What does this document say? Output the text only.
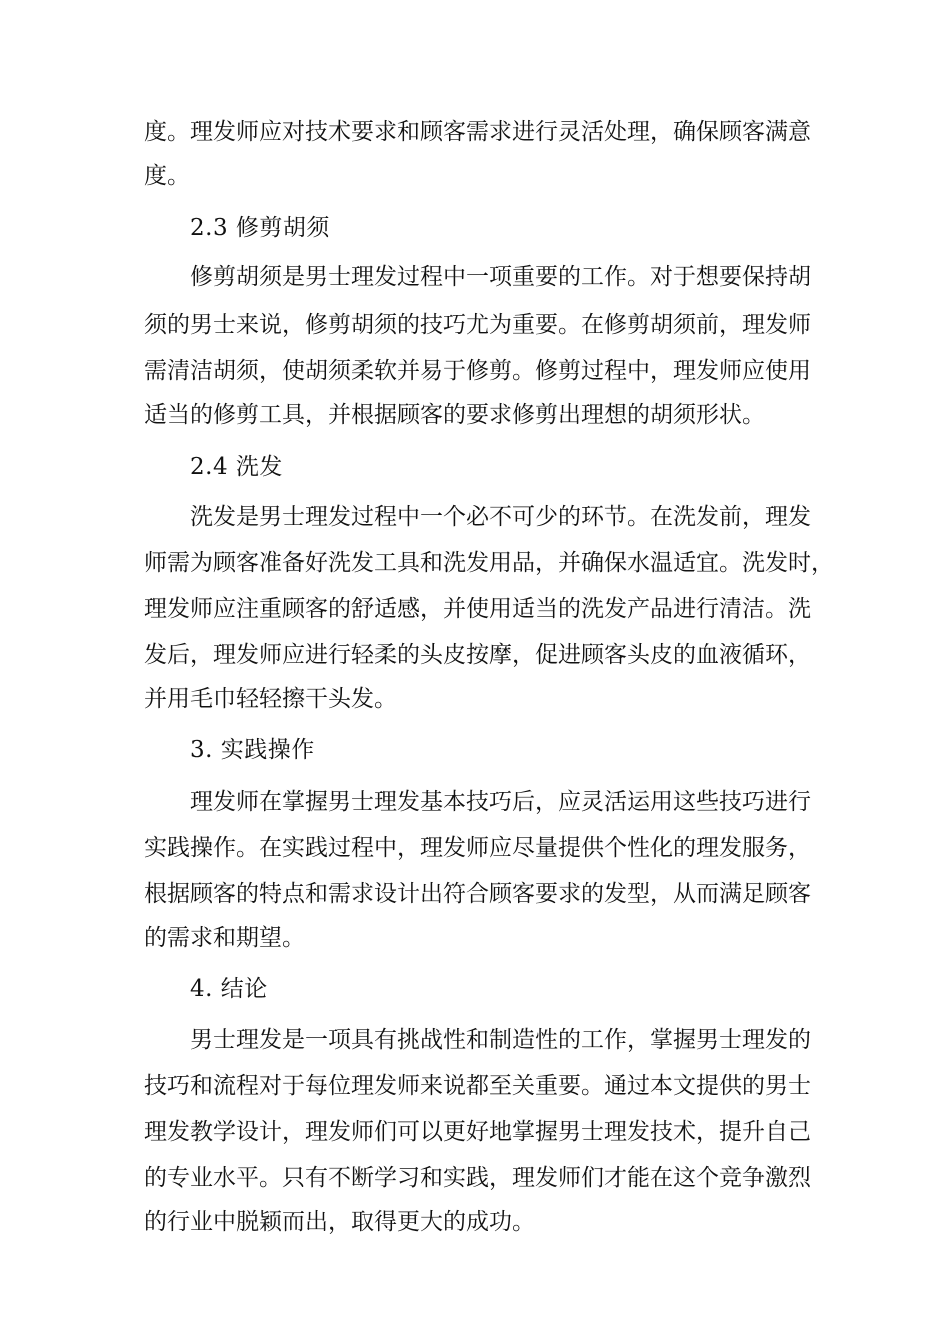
度。理发师应对技术要求和顾客需求进行灵活处理，确保顾客满意

度。

2.3 修剪胡须

修剪胡须是男士理发过程中一项重要的工作。对于想要保持胡

须的男士来说，修剪胡须的技巧尤为重要。在修剪胡须前，理发师

需清洁胡须，使胡须柔软并易于修剪。修剪过程中，理发师应使用

适当的修剪工具，并根据顾客的要求修剪出理想的胡须形状。

2.4 洗发

洗发是男士理发过程中一个必不可少的环节。在洗发前，理发

师需为顾客准备好洗发工具和洗发用品，并确保水温适宜。洗发时，

理发师应注重顾客的舒适感，并使用适当的洗发产品进行清洁。洗

发后，理发师应进行轻柔的头皮按摩，促进顾客头皮的血液循环，

并用毛巾轻轻擦干头发。

3. 实践操作

理发师在掌握男士理发基本技巧后，应灵活运用这些技巧进行

实践操作。在实践过程中，理发师应尽量提供个性化的理发服务，

根据顾客的特点和需求设计出符合顾客要求的发型，从而满足顾客

的需求和期望。

4. 结论

男士理发是一项具有挑战性和制造性的工作，掌握男士理发的

技巧和流程对于每位理发师来说都至关重要。通过本文提供的男士

理发教学设计，理发师们可以更好地掌握男士理发技术，提升自己

的专业水平。只有不断学习和实践，理发师们才能在这个竞争激烈

的行业中脱颖而出，取得更大的成功。
